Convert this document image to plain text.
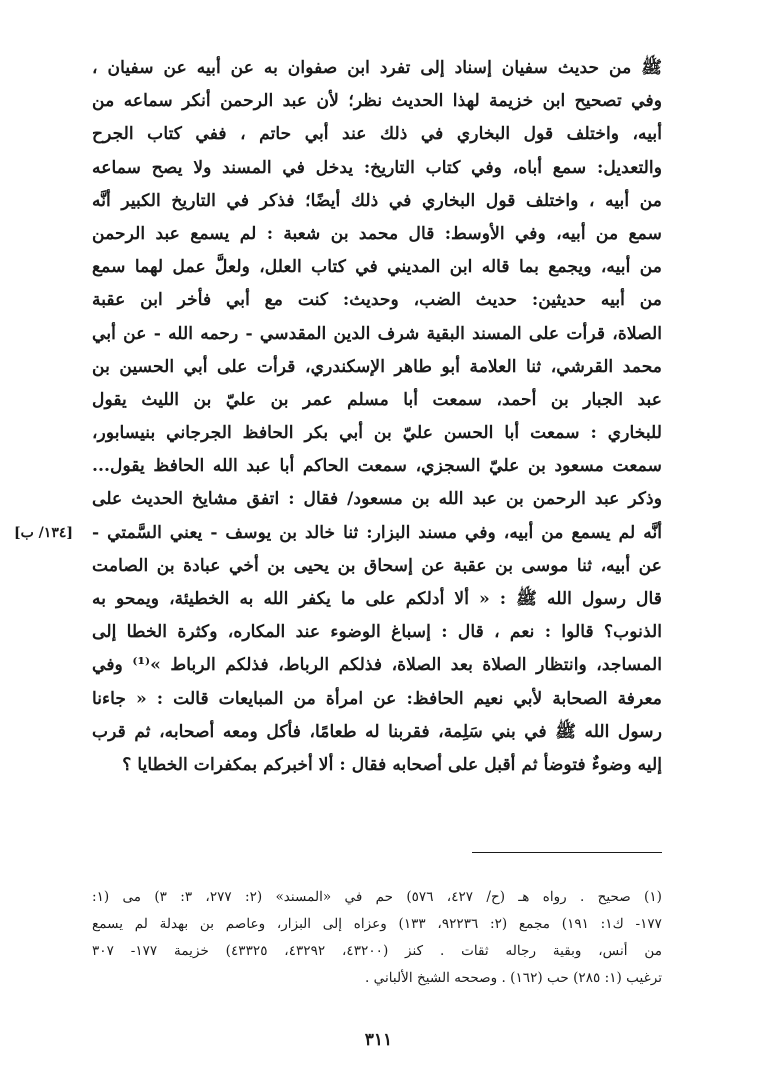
ﷺ من حديث سفيان إسناد إلى تفرد ابن صفوان به عن أبيه عن سفيان ،
وفي تصحيح ابن خزيمة لهذا الحديث نظر؛ لأن عبد الرحمن أنكر سماعه من
أبيه، واختلف قول البخاري في ذلك عند أبي حاتم ، ففي كتاب الجرح
والتعديل: سمع أباه، وفي كتاب التاريخ: يدخل في المسند ولا يصح سماعه
من أبيه ، واختلف قول البخاري في ذلك أيضًا؛ فذكر في التاريخ الكبير أنَّه
سمع من أبيه، وفي الأوسط: قال محمد بن شعبة : لم يسمع عبد الرحمن
من أبيه، ويجمع بما قاله ابن المديني في كتاب العلل، ولعلَّ عمل لهما سمع
من أبيه حديثين: حديث الضب، وحديث: كنت مع أبي فأخر ابن عقبة
الصلاة، قرأت على المسند البقية شرف الدين المقدسي - رحمه الله - عن أبي
محمد القرشي، ثنا العلامة أبو طاهر الإسكندري، قرأت على أبي الحسين بن
عبد الجبار بن أحمد، سمعت أبا مسلم عمر بن عليّ بن الليث يقول
للبخاري : سمعت أبا الحسن عليّ بن أبي بكر الحافظ الجرجاني بنيسابور،
سمعت مسعود بن عليّ السجزي، سمعت الحاكم أبا عبد الله الحافظ يقول...
وذكر عبد الرحمن بن عبد الله بن مسعود/ فقال : اتفق مشايخ الحديث على
أنَّه لم يسمع من أبيه، وفي مسند البزار: ثنا خالد بن يوسف - يعني السَّمتي -
عن أبيه، ثنا موسى بن عقبة عن إسحاق بن يحيى بن أخي عبادة بن الصامت
قال رسول الله ﷺ : « ألا أدلكم على ما يكفر الله به الخطيئة، ويمحو به
الذنوب؟ قالوا : نعم ، قال : إسباغ الوضوء عند المكاره، وكثرة الخطا إلى
المساجد، وانتظار الصلاة بعد الصلاة، فذلكم الرباط، فذلكم الرباط »⁽¹⁾ وفي
معرفة الصحابة لأبي نعيم الحافظ: عن امرأة من المبايعات قالت : « جاءنا
رسول الله ﷺ في بني سَلِمة، فقربنا له طعامًا، فأكل ومعه أصحابه، ثم قرب
إليه وضوءٌ فتوضأ ثم أقبل على أصحابه فقال : ألا أخبركم بمكفرات الخطايا ؟
[١٣٤/ ب]
(١) صحيح . رواه هـ (ح/ ٤٢٧، ٥٧٦) حم في «المسند» (٢: ٢٧٧، ٣: ٣) مى (١:
١٧٧- ك١: ١٩١) مجمع (٢: ٩٢٢٣٦، ١٣٣) وعزاه إلى البزار، وعاصم بن بهدلة لم يسمع
من أنس، وبقية رجاله ثقات . كنز (٤٣٢٠٠، ٤٣٢٩٢، ٤٣٣٢٥) خزيمة ١٧٧- ٣٠٧
ترغيب (١: ٢٨٥) حب (١٦٢) . وصححه الشيخ الألباني .
٣١١
